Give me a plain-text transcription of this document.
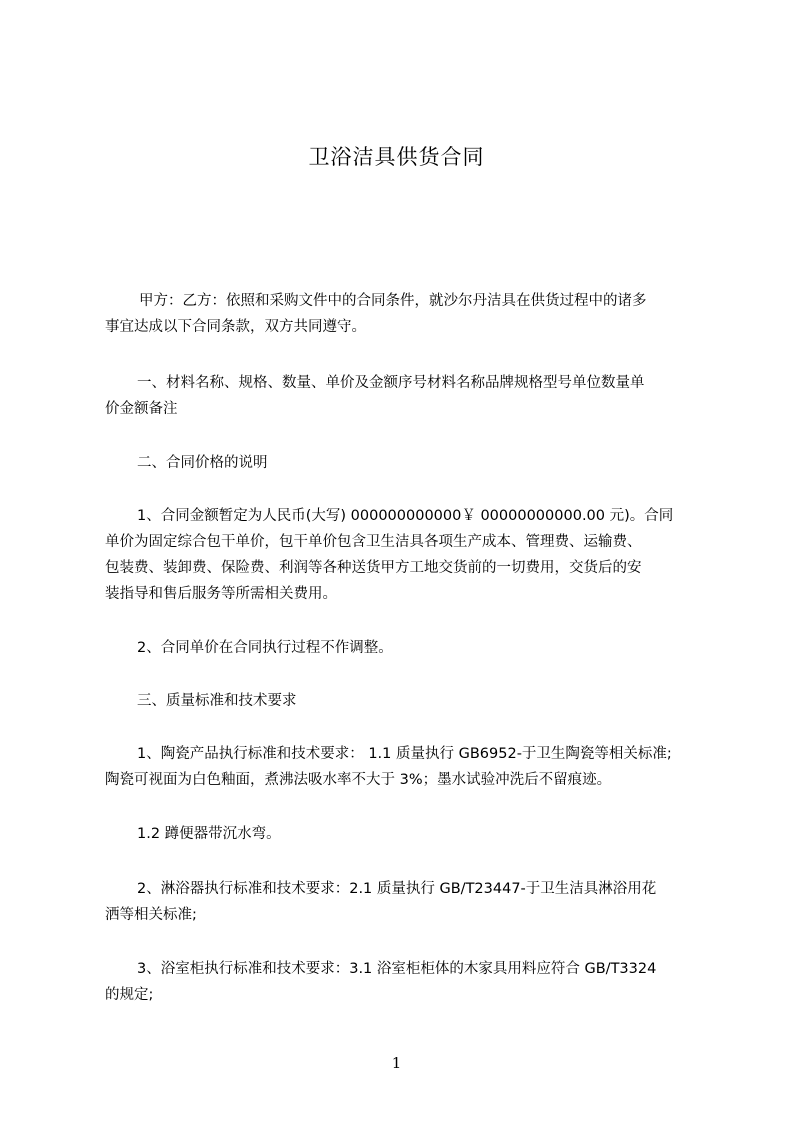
卫浴洁具供货合同
甲方：乙方：依照和采购文件中的合同条件，就沙尔丹洁具在供货过程中的诸多
事宜达成以下合同条款，双方共同遵守。
一、材料名称、规格、数量、单价及金额序号材料名称品牌规格型号单位数量单
价金额备注
二、合同价格的说明
1、合同金额暂定为人民币(大写) 000000000000￥ 00000000000.00 元)。合同
单价为固定综合包干单价，包干单价包含卫生洁具各项生产成本、管理费、运输费、
包装费、装卸费、保险费、利润等各种送货甲方工地交货前的一切费用，交货后的安
装指导和售后服务等所需相关费用。
2、合同单价在合同执行过程不作调整。
三、质量标准和技术要求
1、陶瓷产品执行标准和技术要求： 1.1 质量执行 GB6952-于卫生陶瓷等相关标准;
陶瓷可视面为白色釉面，煮沸法吸水率不大于 3%；墨水试验冲洗后不留痕迹。
1.2 蹲便器带沉水弯。
2、淋浴器执行标准和技术要求：2.1 质量执行 GB/T23447-于卫生洁具淋浴用花
洒等相关标准;
3、浴室柜执行标准和技术要求：3.1 浴室柜柜体的木家具用料应符合 GB/T3324
的规定;
1
